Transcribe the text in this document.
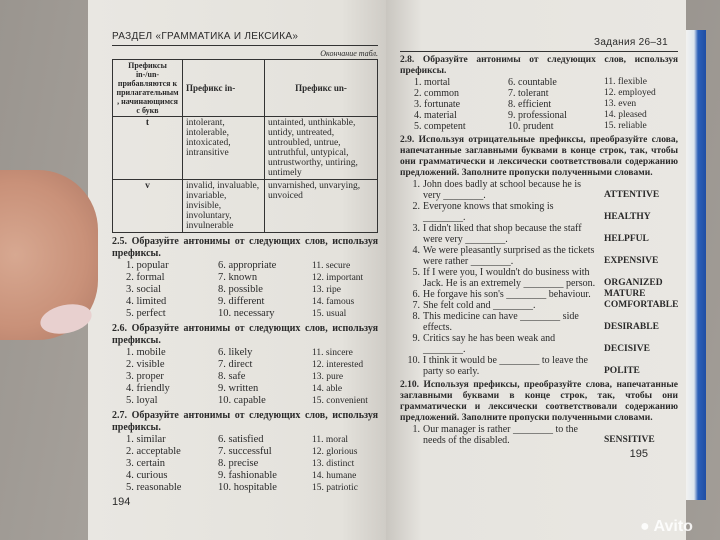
РАЗДЕЛ «ГРАММАТИКА И ЛЕКСИКА»
Окончание табл.
Префиксы in-/un- прибавляются к прилагательным, начинающимся с букв	Префикс in-	Префикс un-
t	intolerant, intolerable, intoxicated, intransitive	untainted, unthinkable, untidy, untreated, untroubled, untrue, untruthful, untypical, untrustworthy, untiring, untimely
v	invalid, invaluable, invariable, invisible, involuntary, invulnerable	unvarnished, unvarying, unvoiced
2.5. Образуйте антонимы от следующих слов, используя префиксы.
1. popular
2. formal
3. social
4. limited
5. perfect
6. appropriate
7. known
8. possible
9. different
10. necessary
11. secure
12. important
13. ripe
14. famous
15. usual
2.6. Образуйте антонимы от следующих слов, используя префиксы.
1. mobile
2. visible
3. proper
4. friendly
5. loyal
6. likely
7. direct
8. safe
9. written
10. capable
11. sincere
12. interested
13. pure
14. able
15. convenient
2.7. Образуйте антонимы от следующих слов, используя префиксы.
1. similar
2. acceptable
3. certain
4. curious
5. reasonable
6. satisfied
7. successful
8. precise
9. fashionable
10. hospitable
11. moral
12. glorious
13. distinct
14. humane
15. patriotic
194
Задания 26–31
2.8. Образуйте антонимы от следующих слов, используя префиксы.
1. mortal
2. common
3. fortunate
4. material
5. competent
6. countable
7. tolerant
8. efficient
9. professional
10. prudent
11. flexible
12. employed
13. even
14. pleased
15. reliable
2.9. Используя отрицательные префиксы, преобразуйте слова, напечатанные заглавными буквами в конце строк, так, чтобы они грамматически и лексически соответствовали содержанию предложений. Заполните пропуски полученными словами.
1. John does badly at school because he is very ________.	ATTENTIVE
2. Everyone knows that smoking is ________.	HEALTHY
3. I didn't liked that shop because the staff were very ________.	HELPFUL
4. We were pleasantly surprised as the tickets were rather ________.	EXPENSIVE
5. If I were you, I wouldn't do business with Jack. He is an extremely ________ person. ORGANIZED
6. He forgave his son's ________ behaviour.	MATURE
7. She felt cold and ________.	COMFORTABLE
8. This medicine can have ________ side effects.	DESIRABLE
9. Critics say he has been weak and ________.	DECISIVE
10. I think it would be ________ to leave the party so early.	POLITE
2.10. Используя префиксы, преобразуйте слова, напечатанные заглавными буквами в конце строк, так, чтобы они грамматически и лексически соответствовали содержанию предложений. Заполните пропуски полученными словами.
1. Our manager is rather ________ to the needs of the disabled.	SENSITIVE
195
● Avito
